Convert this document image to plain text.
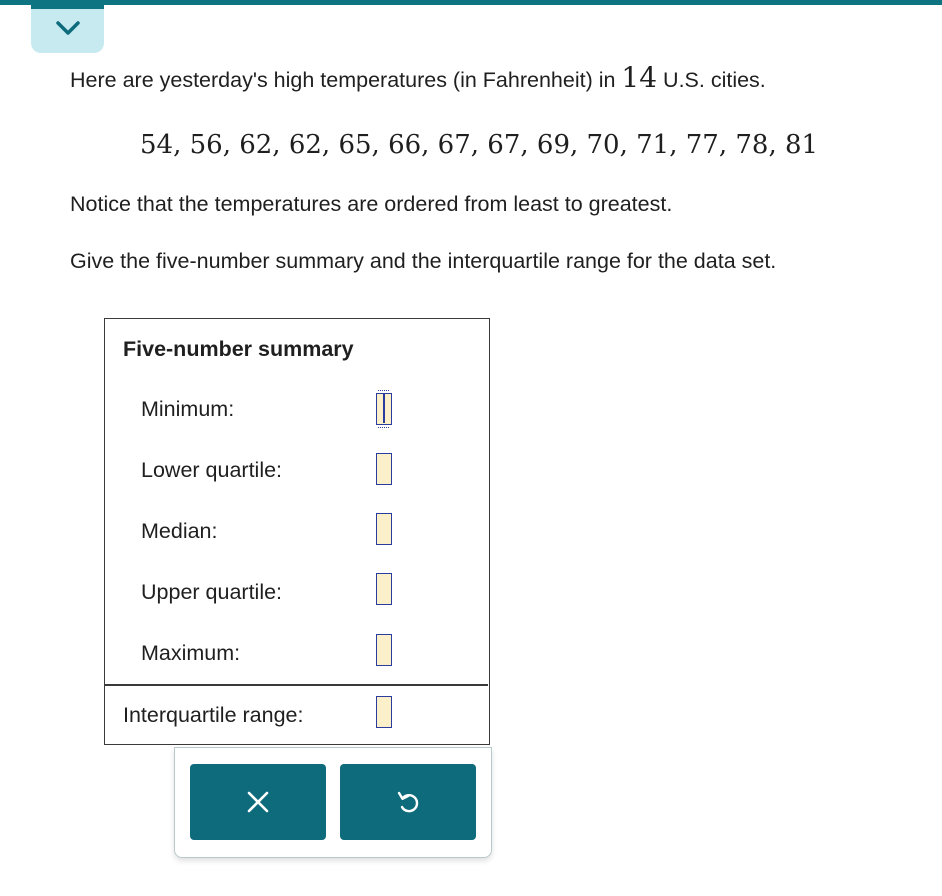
Here are yesterday's high temperatures (in Fahrenheit) in 14 U.S. cities.
54, 56, 62, 62, 65, 66, 67, 67, 69, 70, 71, 77, 78, 81
Notice that the temperatures are ordered from least to greatest.
Give the five-number summary and the interquartile range for the data set.
Five-number summary
Minimum:
Lower quartile:
Median:
Upper quartile:
Maximum:
Interquartile range:
